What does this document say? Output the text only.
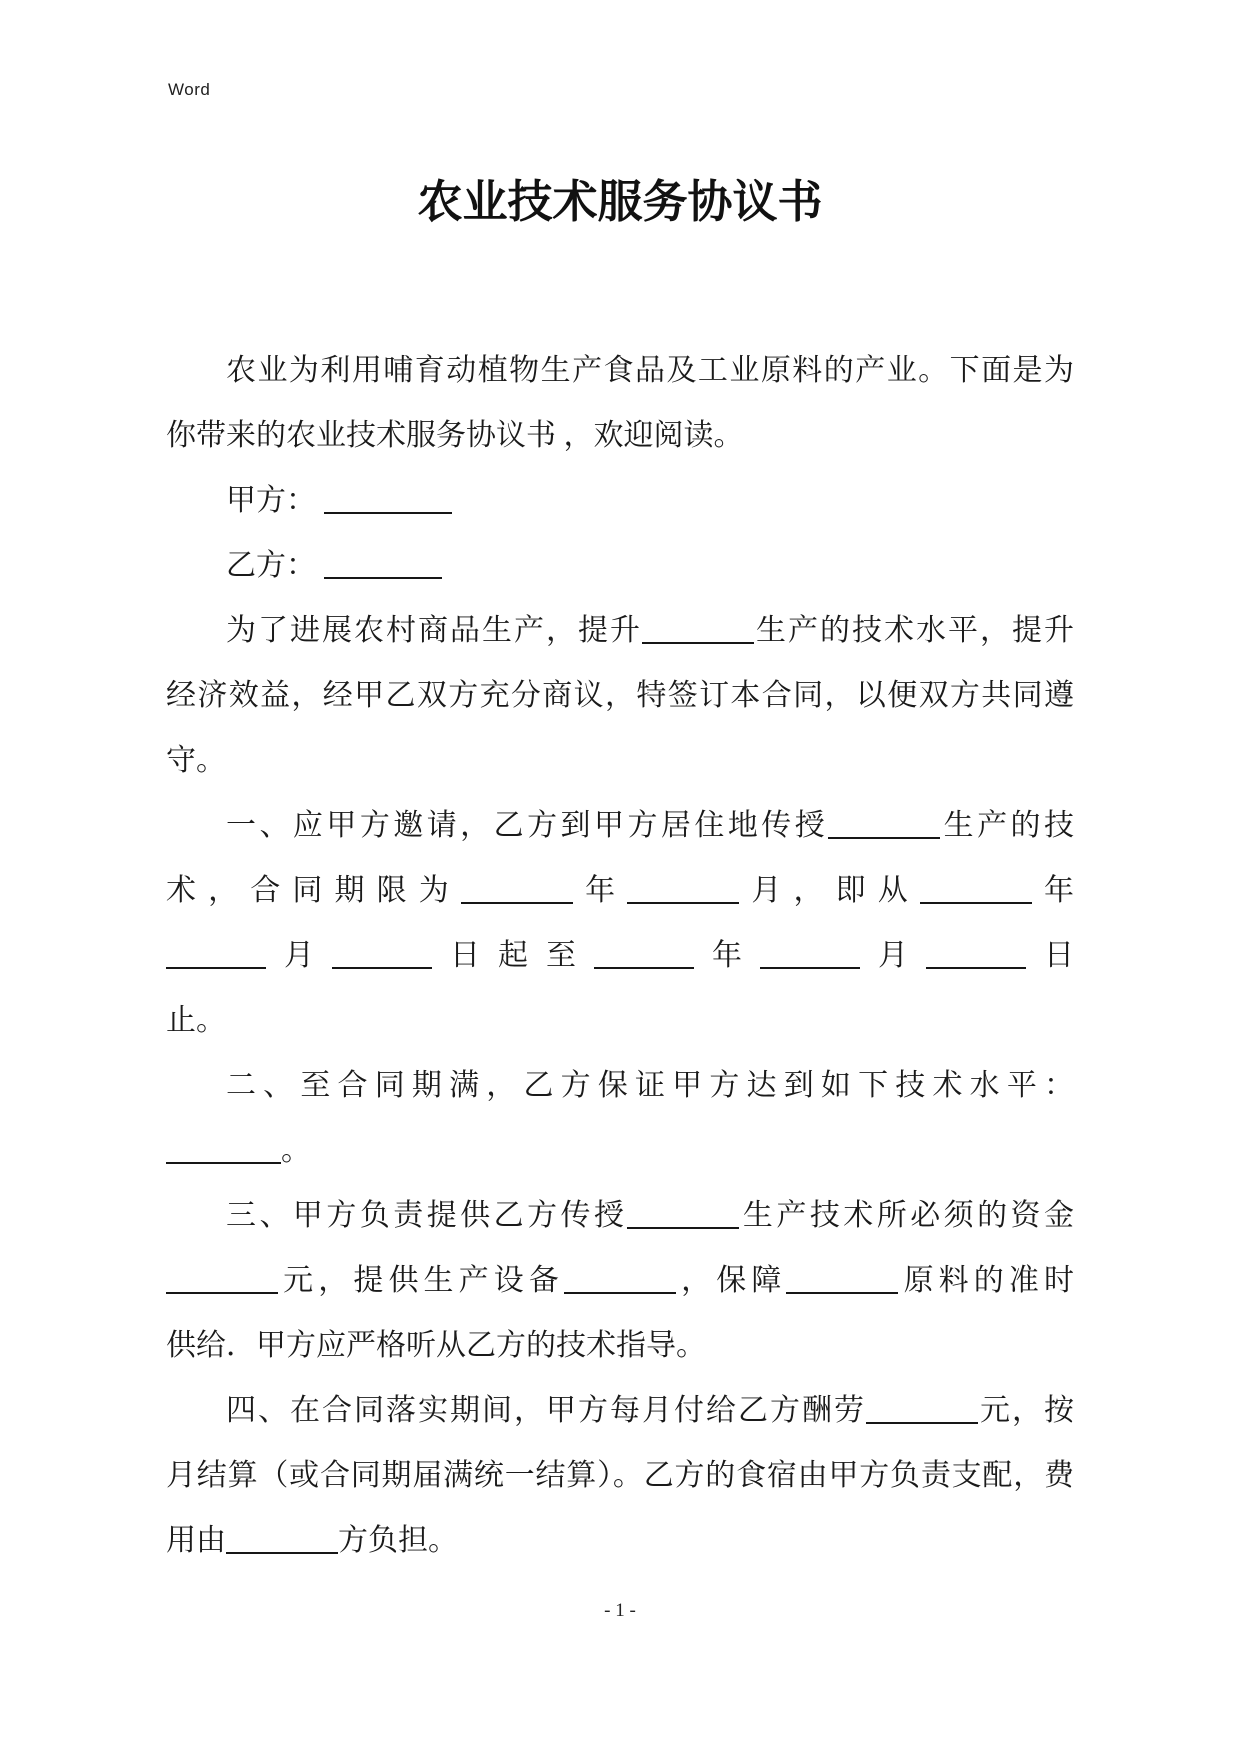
Word
农业技术服务协议书
农业为利用哺育动植物生产食品及工业原料的产业。下面是为
你带来的农业技术服务协议书 ，欢迎阅读。
甲方：
乙方：
为了进展农村商品生产，提升	生产的技术水平，提升
经济效益，经甲乙双方充分商议，特签订本合同，以便双方共同遵
守。
一、应甲方邀请，乙方到甲方居住地传授	生产的技
术，合同期限为	年	月，即从	年
月	日起至	年	月	日
止。
二、至合同期满，乙方保证甲方达到如下技术水平：
。
三、甲方负责提供乙方传授	生产技术所必须的资金
元，提供生产设备	，保障	原料的准时
供给．甲方应严格听从乙方的技术指导。
四、在合同落实期间，甲方每月付给乙方酬劳	元，按
月结算（或合同期届满统一结算）。乙方的食宿由甲方负责支配，费
用由	方负担。
- 1 -
